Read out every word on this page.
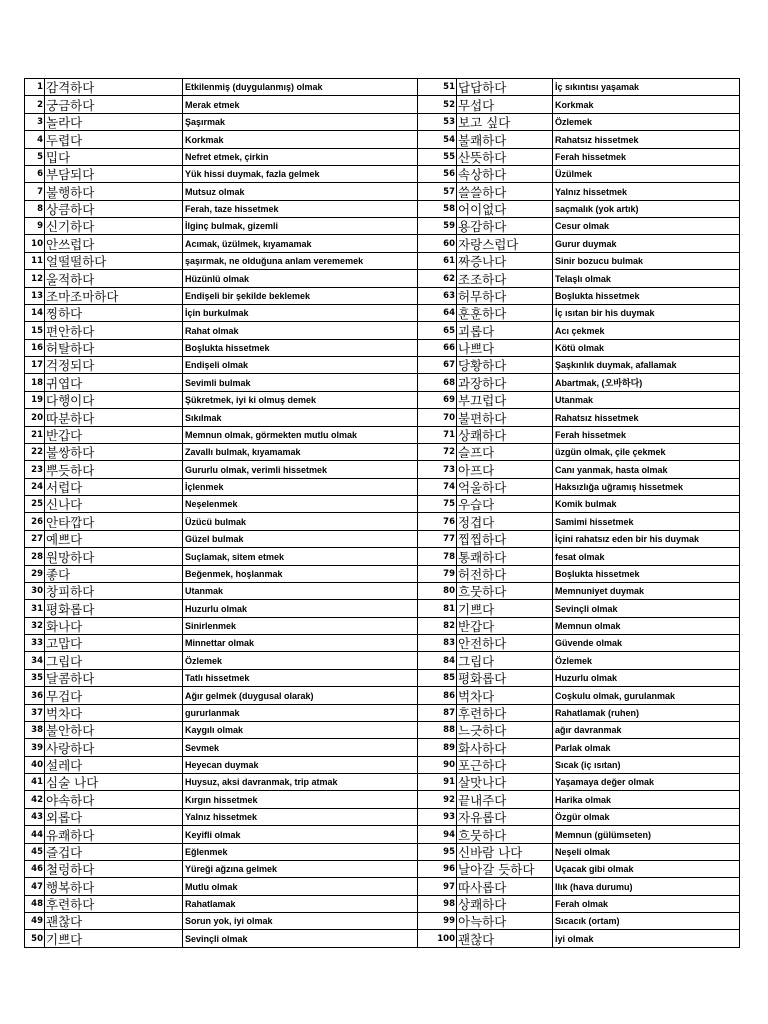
1	감격하다	Etkilenmiş (duygulanmış) olmak	51	답답하다	İç sıkıntısı yaşamak
2	궁금하다	Merak etmek	52	무섭다	Korkmak
3	놀라다	Şaşırmak	53	보고 싶다	Özlemek
4	두렵다	Korkmak	54	불쾌하다	Rahatsız hissetmek
5	밉다	Nefret etmek, çirkin	55	산뜻하다	Ferah hissetmek
6	부담되다	Yük hissi duymak, fazla gelmek	56	속상하다	Üzülmek
7	불행하다	Mutsuz olmak	57	쓸쓸하다	Yalnız hissetmek
8	상큼하다	Ferah, taze hissetmek	58	어이없다	saçmalık (yok artık)
9	신기하다	İlginç bulmak, gizemli	59	용감하다	Cesur olmak
10	안쓰럽다	Acımak, üzülmek, kıyamamak	60	자랑스럽다	Gurur duymak
11	얼떨떨하다	şaşırmak, ne olduğuna anlam verememek	61	짜증나다	Sinir bozucu bulmak
12	울적하다	Hüzünlü olmak	62	조조하다	Telaşlı olmak
13	조마조마하다	Endişeli bir şekilde beklemek	63	허무하다	Boşlukta hissetmek
14	찡하다	İçin burkulmak	64	훈훈하다	İç ısıtan bir his duymak
15	편안하다	Rahat olmak	65	괴롭다	Acı çekmek
16	허탈하다	Boşlukta hissetmek	66	나쁘다	Kötü olmak
17	걱정되다	Endişeli olmak	67	당황하다	Şaşkınlık duymak, afallamak
18	귀엽다	Sevimli bulmak	68	과장하다	Abartmak, (오바하다)
19	다행이다	Şükretmek, iyi ki olmuş demek	69	부끄럽다	Utanmak
20	따분하다	Sıkılmak	70	불편하다	Rahatsız hissetmek
21	반갑다	Memnun olmak, görmekten mutlu olmak	71	상쾌하다	Ferah hissetmek
22	불쌍하다	Zavallı bulmak, kıyamamak	72	슬프다	üzgün olmak, çile çekmek
23	뿌듯하다	Gururlu olmak, verimli hissetmek	73	아프다	Canı yanmak, hasta olmak
24	서럽다	İçlenmek	74	억울하다	Haksızlığa uğramış hissetmek
25	신나다	Neşelenmek	75	우습다	Komik bulmak
26	안타깝다	Üzücü bulmak	76	정겹다	Samimi hissetmek
27	예쁘다	Güzel bulmak	77	찝찝하다	İçini rahatsız eden bir his duymak
28	원망하다	Suçlamak, sitem etmek	78	통쾌하다	fesat olmak
29	좋다	Beğenmek, hoşlanmak	79	허전하다	Boşlukta hissetmek
30	창피하다	Utanmak	80	흐뭇하다	Memnuniyet duymak
31	평화롭다	Huzurlu olmak	81	기쁘다	Sevinçli olmak
32	화나다	Sinirlenmek	82	반갑다	Memnun olmak
33	고맙다	Minnettar olmak	83	안전하다	Güvende olmak
34	그립다	Özlemek	84	그립다	Özlemek
35	달콤하다	Tatlı hissetmek	85	평화롭다	Huzurlu olmak
36	무겁다	Ağır gelmek (duygusal olarak)	86	벅차다	Coşkulu olmak, gurulanmak
37	벅차다	gururlanmak	87	후련하다	Rahatlamak (ruhen)
38	불안하다	Kaygılı olmak	88	느긋하다	ağır davranmak
39	사랑하다	Sevmek	89	화사하다	Parlak olmak
40	설레다	Heyecan duymak	90	포근하다	Sıcak (iç ısıtan)
41	심술 나다	Huysuz, aksi davranmak, trip atmak	91	살맛나다	Yaşamaya değer olmak
42	야속하다	Kırgın hissetmek	92	끝내주다	Harika olmak
43	외롭다	Yalnız hissetmek	93	자유롭다	Özgür olmak
44	유쾌하다	Keyifli olmak	94	흐뭇하다	Memnun (gülümseten)
45	즐겁다	Eğlenmek	95	신바람 나다	Neşeli olmak
46	철렁하다	Yüreği ağzına gelmek	96	날아갈 듯하다	Uçacak gibi olmak
47	행복하다	Mutlu olmak	97	따사롭다	Ilık (hava durumu)
48	후련하다	Rahatlamak	98	상쾌하다	Ferah olmak
49	괜찮다	Sorun yok, iyi olmak	99	아늑하다	Sıcacık (ortam)
50	기쁘다	Sevinçli olmak	100	괜찮다	iyi olmak
